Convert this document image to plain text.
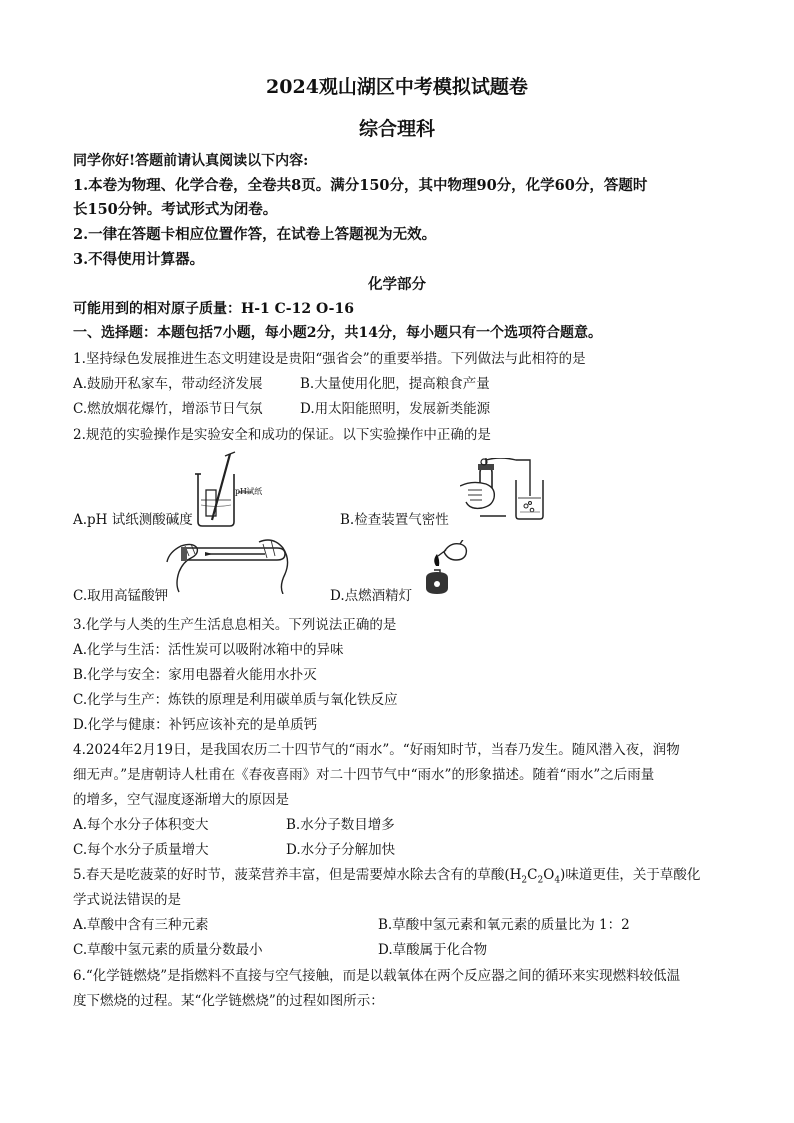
2024观山湖区中考模拟试题卷
综合理科
同学你好!答题前请认真阅读以下内容:
1.本卷为物理、化学合卷，全卷共8页。满分150分，其中物理90分，化学60分，答题时
长150分钟。考试形式为闭卷。
2.一律在答题卡相应位置作答，在试卷上答题视为无效。
3.不得使用计算器。
化学部分
可能用到的相对原子质量：H-1 C-12 O-16
一、选择题：本题包括7小题，每小题2分，共14分，每小题只有一个选项符合题意。
1.坚持绿色发展推进生态文明建设是贵阳“强省会”的重要举措。下列做法与此相符的是
A.鼓励开私家车，带动经济发展	B.大量使用化肥，提高粮食产量
C.燃放烟花爆竹，增添节日气氛	D.用太阳能照明，发展新类能源
2.规范的实验操作是实验安全和成功的保证。以下实验操作中正确的是
pH试纸
A.pH 试纸测酸碱度	B.检查装置气密性
C.取用高锰酸钾	D.点燃酒精灯
3.化学与人类的生产生活息息相关。下列说法正确的是
A.化学与生活：活性炭可以吸附冰箱中的异味
B.化学与安全：家用电器着火能用水扑灭
C.化学与生产：炼铁的原理是利用碳单质与氧化铁反应
D.化学与健康：补钙应该补充的是单质钙
4.2024年2月19日，是我国农历二十四节气的“雨水”。“好雨知时节，当春乃发生。随风潜入夜，润物
细无声。”是唐朝诗人杜甫在《春夜喜雨》对二十四节气中“雨水”的形象描述。随着“雨水”之后雨量
的增多，空气湿度逐渐增大的原因是
A.每个水分子体积变大	B.水分子数目增多
C.每个水分子质量增大	D.水分子分解加快
5.春天是吃菠菜的好时节，菠菜营养丰富，但是需要焯水除去含有的草酸$(H_2C_2O_4)$味道更佳，关于草酸化
学式说法错误的是
A.草酸中含有三种元素	B.草酸中氢元素和氧元素的质量比为 1：2
C.草酸中氢元素的质量分数最小	D.草酸属于化合物
6.“化学链燃烧”是指燃料不直接与空气接触，而是以载氧体在两个反应器之间的循环来实现燃料较低温
度下燃烧的过程。某“化学链燃烧”的过程如图所示：
